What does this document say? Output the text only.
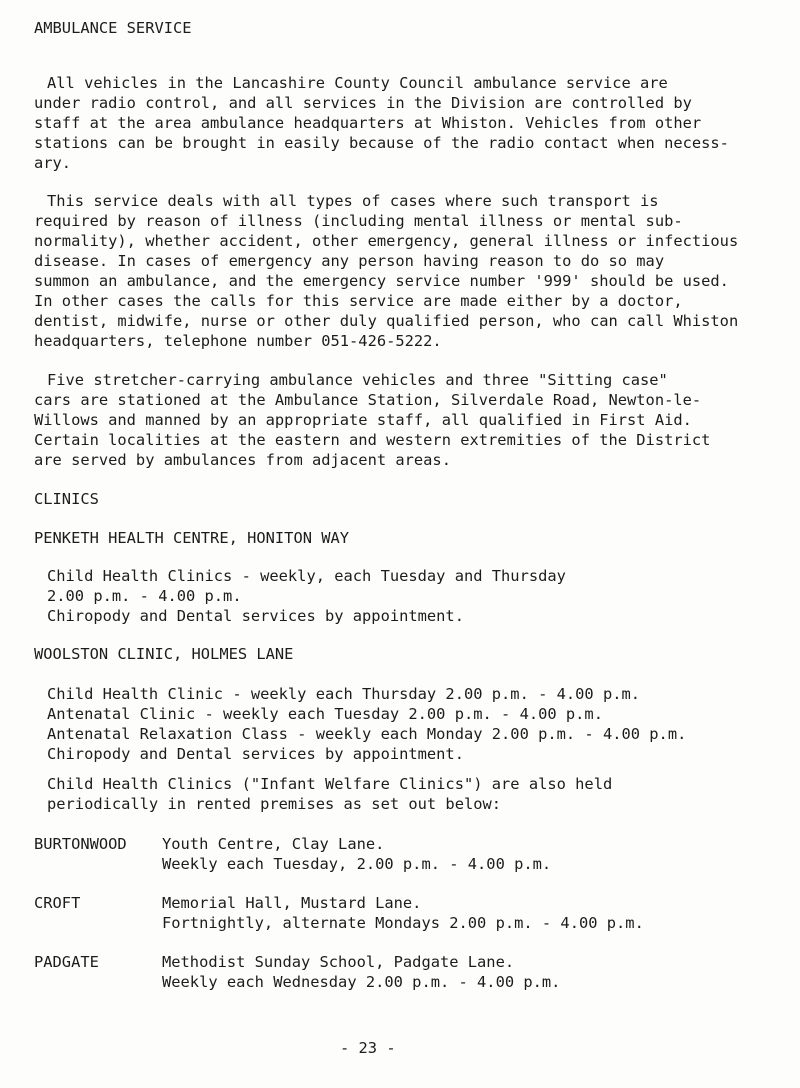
AMBULANCE SERVICE
All vehicles in the Lancashire County Council ambulance service are
under radio control, and all services in the Division are controlled by
staff at the area ambulance headquarters at Whiston. Vehicles from other
stations can be brought in easily because of the radio contact when necess-
ary.
This service deals with all types of cases where such transport is
required by reason of illness (including mental illness or mental sub-
normality), whether accident, other emergency, general illness or infectious
disease. In cases of emergency any person having reason to do so may
summon an ambulance, and the emergency service number '999' should be used.
In other cases the calls for this service are made either by a doctor,
dentist, midwife, nurse or other duly qualified person, who can call Whiston
headquarters, telephone number 051-426-5222.
Five stretcher-carrying ambulance vehicles and three "Sitting case"
cars are stationed at the Ambulance Station, Silverdale Road, Newton-le-
Willows and manned by an appropriate staff, all qualified in First Aid.
Certain localities at the eastern and western extremities of the District
are served by ambulances from adjacent areas.
CLINICS
PENKETH HEALTH CENTRE, HONITON WAY
Child Health Clinics - weekly, each Tuesday and Thursday
2.00 p.m. - 4.00 p.m.
Chiropody and Dental services by appointment.
WOOLSTON CLINIC, HOLMES LANE
Child Health Clinic - weekly each Thursday 2.00 p.m. - 4.00 p.m.
Antenatal Clinic - weekly each Tuesday 2.00 p.m. - 4.00 p.m.
Antenatal Relaxation Class - weekly each Monday 2.00 p.m. - 4.00 p.m.
Chiropody and Dental services by appointment.
Child Health Clinics ("Infant Welfare Clinics") are also held
periodically in rented premises as set out below:
BURTONWOOD Youth Centre, Clay Lane.
Weekly each Tuesday, 2.00 p.m. - 4.00 p.m.
CROFT	Memorial Hall, Mustard Lane.
Fortnightly, alternate Mondays 2.00 p.m. - 4.00 p.m.
PADGATE	Methodist Sunday School, Padgate Lane.
Weekly each Wednesday 2.00 p.m. - 4.00 p.m.
- 23 -
